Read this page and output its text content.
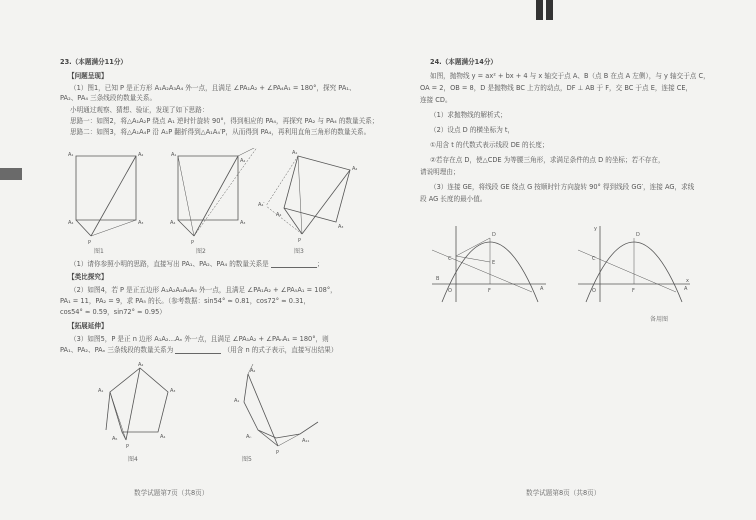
23.（本题满分11分）
【问题呈现】
（1）图1，已知 P 是正方形 A₁A₂A₃A₄ 外一点，且满足 ∠PA₁A₂ + ∠PA₄A₁ = 180°，探究 PA₁、
PA₂、PA₄ 三条线段的数量关系。
小明通过观察、猜想、验证，发现了如下思路：
思路一：如图2，将△A₁A₂P 绕点 A₁ 逆时针旋转 90°，得到相应的 PA₄，再探究 PA₂ 与 PA₄ 的数量关系；
思路二：如图3，将△A₁A₄P 沿 A₁P 翻折得到△A₁A₄′P，从而得到 PA₄，再利用直角三角形的数量关系。
A₁	A₂
A₄	A₃
P
A₁
A₂
A₄	A₃
P
A₁
A₂
A₄
A₃
A₄′
P
图1	图2	图3
（1）请你参照小明的思路，直接写出 PA₁、PA₂、PA₄ 的数量关系是	；
【类比探究】
（2）如图4，若 P 是正五边形 A₁A₂A₃A₄A₅ 外一点，且满足 ∠PA₁A₂ + ∠PA₅A₁ = 108°，
PA₁ = 11，PA₂ = 9，求 PA₅ 的长。（参考数据：sin54° ≈ 0.81，cos72° ≈ 0.31，
cos54° ≈ 0.59，sin72° ≈ 0.95）
【拓展延伸】
（3）如图5，P 是正 n 边形 A₁A₂…Aₙ 外一点，且满足 ∠PA₁A₂ + ∠PAₙA₁ = 180°，则
PA₁、PA₂、PAₙ 三条线段的数量关系为	（用含 n 的式子表示，直接写出结果）
A₂
A₃
A₄
A₁
A₅
P
A₂
A₁
Aₙ
P
A₁₁
图4	图5
数学试题第7页（共8页）
24.（本题满分14分）
如图，抛物线 y = ax² + bx + 4 与 x 轴交于点 A、B（点 B 在点 A 左侧），与 y 轴交于点 C，
OA = 2，OB = 8，D 是抛物线 BC 上方的动点，DF ⊥ AB 于 F，交 BC 于点 E，连接 CE，
连接 CD。
（1）求抛物线的解析式；
（2）设点 D 的横坐标为 t，
①用含 t 的代数式表示线段 DE 的长度；
②若存在点 D，使△CDE 为等腰三角形，求满足条件的点 D 的坐标；若不存在，
请说明理由；
（3）连接 GE，将线段 GE 绕点 G 按顺时针方向旋转 90° 得到线段 GG′，连接 AG，求线
段 AG 长度的最小值。
C
D
E
O	F	A
B
y
C
D
O	F	A
x
备用图
数学试题第8页（共8页）
